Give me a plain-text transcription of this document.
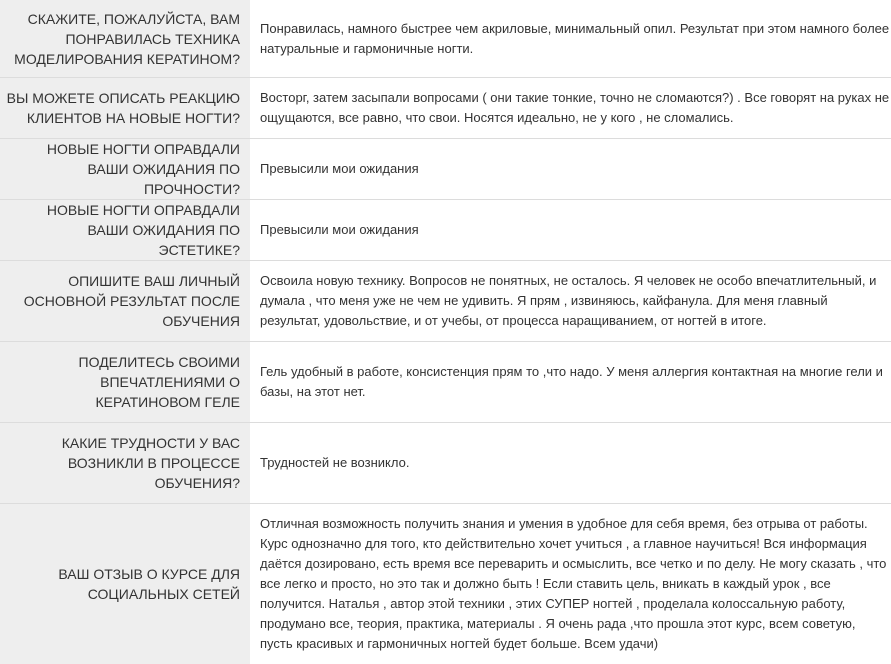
СКАЖИТЕ, ПОЖАЛУЙСТА, ВАМ ПОНРАВИЛАСЬ ТЕХНИКА МОДЕЛИРОВАНИЯ КЕРАТИНОМ?	Понравилась, намного быстрее чем акриловые, минимальный опил. Результат при этом намного более натуральные и гармоничные ногти.
ВЫ МОЖЕТЕ ОПИСАТЬ РЕАКЦИЮ КЛИЕНТОВ НА НОВЫЕ НОГТИ?	Восторг, затем засыпали вопросами ( они такие тонкие, точно не сломаются?) . Все говорят на руках не ощущаются, все равно, что свои. Носятся идеально, не у кого , не сломались.
НОВЫЕ НОГТИ ОПРАВДАЛИ ВАШИ ОЖИДАНИЯ ПО ПРОЧНОСТИ?	Превысили мои ожидания
НОВЫЕ НОГТИ ОПРАВДАЛИ ВАШИ ОЖИДАНИЯ ПО ЭСТЕТИКЕ?	Превысили мои ожидания
ОПИШИТЕ ВАШ ЛИЧНЫЙ ОСНОВНОЙ РЕЗУЛЬТАТ ПОСЛЕ ОБУЧЕНИЯ	Освоила новую технику. Вопросов не понятных, не осталось. Я человек не особо впечатлительный, и думала , что меня уже не чем не удивить. Я прям , извиняюсь, кайфанула. Для меня главный результат, удовольствие, и от учебы, от процесса наращиванием, от ногтей в итоге.
ПОДЕЛИТЕСЬ СВОИМИ ВПЕЧАТЛЕНИЯМИ О КЕРАТИНОВОМ ГЕЛЕ	Гель удобный в работе, консистенция прям то ,что надо. У меня аллергия контактная на многие гели и базы, на этот нет.
КАКИЕ ТРУДНОСТИ У ВАС ВОЗНИКЛИ В ПРОЦЕССЕ ОБУЧЕНИЯ?	Трудностей не возникло.
ВАШ ОТЗЫВ О КУРСЕ ДЛЯ СОЦИАЛЬНЫХ СЕТЕЙ	Отличная возможность получить знания и умения в удобное для себя время, без отрыва от работы. Курс однозначно для того, кто действительно хочет учиться , а главное научиться! Вся информация даётся дозировано, есть время все переварить и осмыслить, все четко и по делу. Не могу сказать , что все легко и просто, но это так и должно быть ! Если ставить цель, вникать в каждый урок , все получится. Наталья , автор этой техники , этих СУПЕР ногтей , проделала колоссальную работу, продумано все, теория, практика, материалы . Я очень рада ,что прошла этот курс, всем советую, пусть красивых и гармоничных ногтей будет больше. Всем удачи)
